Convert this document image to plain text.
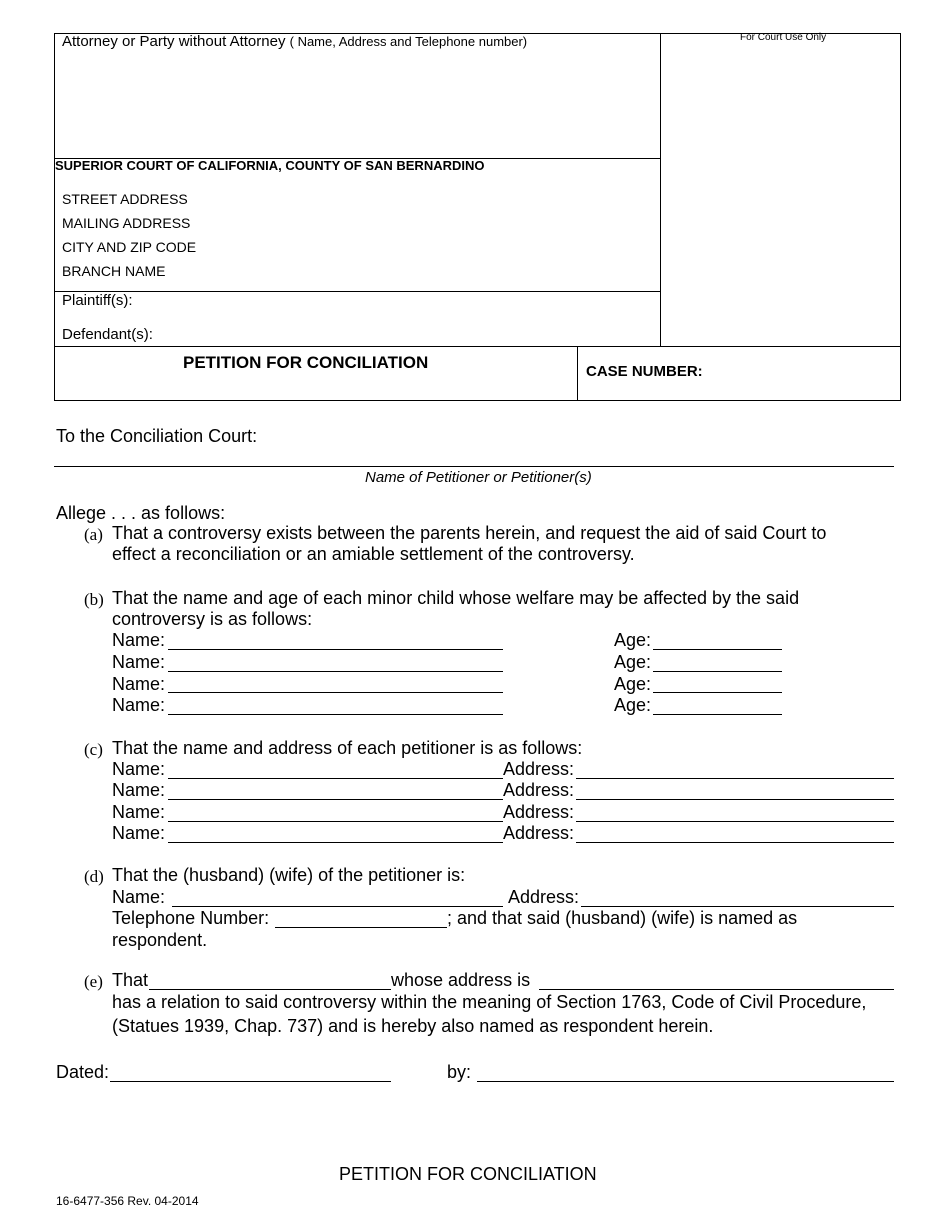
Attorney or Party without Attorney ( Name, Address and Telephone number)	For Court Use Only
SUPERIOR COURT OF CALIFORNIA, COUNTY OF SAN BERNARDINO
STREET ADDRESS
MAILING ADDRESS
CITY AND ZIP CODE
BRANCH NAME
Plaintiff(s):
Defendant(s):
PETITION FOR CONCILIATION	CASE NUMBER:
To the Conciliation Court:
Name of Petitioner or Petitioner(s)
Allege . . . as follows:
(a) That a controversy exists between the parents herein, and request the aid of said Court to
effect a reconciliation or an amiable settlement of the controversy.
(b) That the name and age of each minor child whose welfare may be affected by the said
controversy is as follows:
Name:	Age:
Name:	Age:
Name:	Age:
Name:	Age:
(c) That the name and address of each petitioner is as follows:
Name:	Address:
Name:	Address:
Name:	Address:
Name:	Address:
(d) That the (husband) (wife) of the petitioner is:
Name:	Address:
Telephone Number:	; and that said (husband) (wife) is named as
respondent.
(e) That	whose address is
has a relation to said controversy within the meaning of Section 1763, Code of Civil Procedure,
(Statues 1939, Chap. 737) and is hereby also named as respondent herein.
Dated:	by:
PETITION FOR CONCILIATION
16-6477-356 Rev. 04-2014
